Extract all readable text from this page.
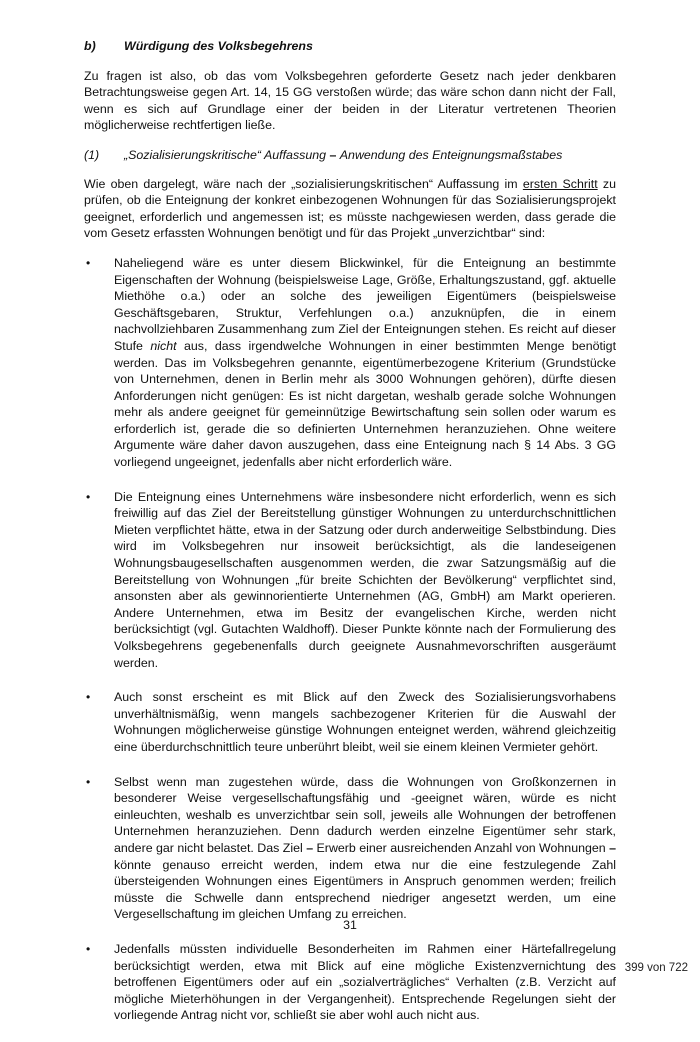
b)	Würdigung des Volksbegehrens

Zu fragen ist also, ob das vom Volksbegehren geforderte Gesetz nach jeder denkbaren Betrachtungsweise gegen Art. 14, 15 GG verstoßen würde; das wäre schon dann nicht der Fall, wenn es sich auf Grundlage einer der beiden in der Literatur vertretenen Theorien möglicherweise rechtfertigen ließe.

(1)	„Sozialisierungskritische“ Auffassung – Anwendung des Enteignungsmaßstabes

Wie oben dargelegt, wäre nach der „sozialisierungskritischen“ Auffassung im ersten Schritt zu prüfen, ob die Enteignung der konkret einbezogenen Wohnungen für das Sozialisierungsprojekt geeignet, erforderlich und angemessen ist; es müsste nachgewiesen werden, dass gerade die vom Gesetz erfassten Wohnungen benötigt und für das Projekt „unverzichtbar“ sind:

•	Naheliegend wäre es unter diesem Blickwinkel, für die Enteignung an bestimmte Eigenschaften der Wohnung (beispielsweise Lage, Größe, Erhaltungszustand, ggf. aktuelle Miethöhe o.a.) oder an solche des jeweiligen Eigentümers (beispielsweise Geschäftsgebaren, Struktur, Verfehlungen o.a.) anzuknüpfen, die in einem nachvollziehbaren Zusammenhang zum Ziel der Enteignungen stehen. Es reicht auf dieser Stufe nicht aus, dass irgendwelche Wohnungen in einer bestimmten Menge benötigt werden. Das im Volksbegehren genannte, eigentümerbezogene Kriterium (Grundstücke von Unternehmen, denen in Berlin mehr als 3000 Wohnungen gehören), dürfte diesen Anforderungen nicht genügen: Es ist nicht dargetan, weshalb gerade solche Wohnungen mehr als andere geeignet für gemeinnützige Bewirtschaftung sein sollen oder warum es erforderlich ist, gerade die so definierten Unternehmen heranzuziehen. Ohne weitere Argumente wäre daher davon auszugehen, dass eine Enteignung nach § 14 Abs. 3 GG vorliegend ungeeignet, jedenfalls aber nicht erforderlich wäre.
•	Die Enteignung eines Unternehmens wäre insbesondere nicht erforderlich, wenn es sich freiwillig auf das Ziel der Bereitstellung günstiger Wohnungen zu unterdurchschnittlichen Mieten verpflichtet hätte, etwa in der Satzung oder durch anderweitige Selbstbindung. Dies wird im Volksbegehren nur insoweit berücksichtigt, als die landeseigenen Wohnungsbaugesellschaften ausgenommen werden, die zwar Satzungsmäßig auf die Bereitstellung von Wohnungen „für breite Schichten der Bevölkerung“ verpflichtet sind, ansonsten aber als gewinnorientierte Unternehmen (AG, GmbH) am Markt operieren. Andere Unternehmen, etwa im Besitz der evangelischen Kirche, werden nicht berücksichtigt (vgl. Gutachten Waldhoff). Dieser Punkte könnte nach der Formulierung des Volksbegehrens gegebenenfalls durch geeignete Ausnahmevorschriften ausgeräumt werden.
•	Auch sonst erscheint es mit Blick auf den Zweck des Sozialisierungsvorhabens unverhältnismäßig, wenn mangels sachbezogener Kriterien für die Auswahl der Wohnungen möglicherweise günstige Wohnungen enteignet werden, während gleichzeitig eine überdurchschnittlich teure unberührt bleibt, weil sie einem kleinen Vermieter gehört.
•	Selbst wenn man zugestehen würde, dass die Wohnungen von Großkonzernen in besonderer Weise vergesellschaftungsfähig und -geeignet wären, würde es nicht einleuchten, weshalb es unverzichtbar sein soll, jeweils alle Wohnungen der betroffenen Unternehmen heranzuziehen. Denn dadurch werden einzelne Eigentümer sehr stark, andere gar nicht belastet. Das Ziel – Erwerb einer ausreichenden Anzahl von Wohnungen – könnte genauso erreicht werden, indem etwa nur die eine festzulegende Zahl übersteigenden Wohnungen eines Eigentümers in Anspruch genommen werden; freilich müsste die Schwelle dann entsprechend niedriger angesetzt werden, um eine Vergesellschaftung im gleichen Umfang zu erreichen.
•	Jedenfalls müssten individuelle Besonderheiten im Rahmen einer Härtefallregelung berücksichtigt werden, etwa mit Blick auf eine mögliche Existenzvernichtung des betroffenen Eigentümers oder auf ein „sozialverträgliches“ Verhalten (z.B. Verzicht auf mögliche Mieterhöhungen in der Vergangenheit). Entsprechende Regelungen sieht der vorliegende Antrag nicht vor, schließt sie aber wohl auch nicht aus.
31
399 von 722
